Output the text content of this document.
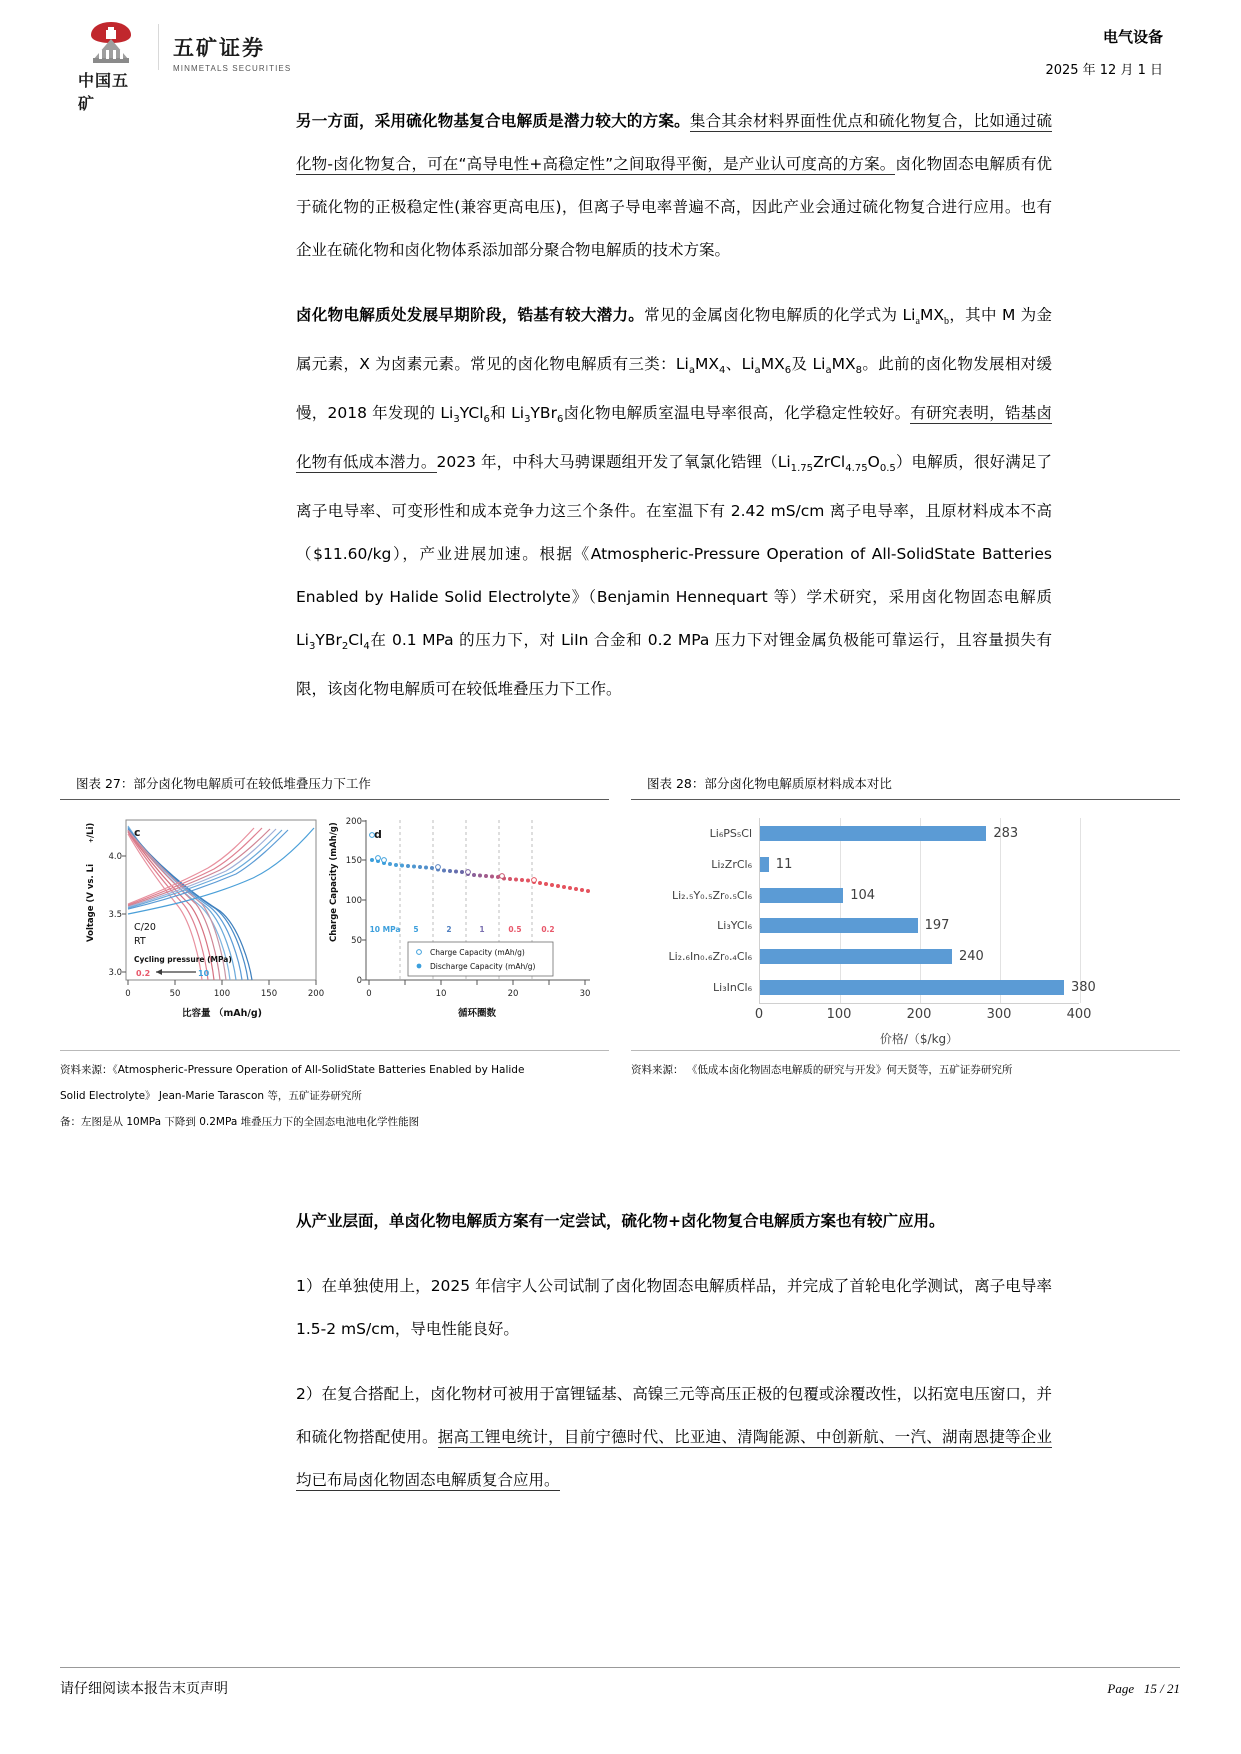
中国五矿
五矿证券
MINMETALS SECURITIES
电气设备
2025 年 12 月 1 日

另一方面，采用硫化物基复合电解质是潜力较大的方案。集合其余材料界面性优点和硫化物复合，比如通过硫化物-卤化物复合，可在“高导电性+高稳定性”之间取得平衡，是产业认可度高的方案。卤化物固态电解质有优于硫化物的正极稳定性(兼容更高电压)，但离子导电率普遍不高，因此产业会通过硫化物复合进行应用。也有企业在硫化物和卤化物体系添加部分聚合物电解质的技术方案。

卤化物电解质处发展早期阶段，锆基有较大潜力。常见的金属卤化物电解质的化学式为 $Li_aMX_b$，其中 M 为金属元素，X 为卤素元素。常见的卤化物电解质有三类：$Li_aMX_4$、$Li_aMX_6$及 $Li_aMX_8$。此前的卤化物发展相对缓慢，2018 年发现的 $Li_3YCl_6$和 $Li_3YBr_6$卤化物电解质室温电导率很高，化学稳定性较好。有研究表明，锆基卤化物有低成本潜力。2023 年，中科大马骋课题组开发了氧氯化锆锂$(Li_{1.75}ZrCl_{4.75}O_{0.5})$电解质，很好满足了离子电导率、可变形性和成本竞争力这三个条件。在室温下有 2.42 mS/cm 离子电导率，且原材料成本不高（$11.60/kg），产业进展加速。根据《Atmospheric-Pressure Operation of All-SolidState Batteries Enabled by Halide Solid Electrolyte》（Benjamin Hennequart 等）学术研究，采用卤化物固态电解质 $Li_3YBr_2Cl_4$在 0.1 MPa 的压力下，对 LiIn 合金和 0.2 MPa 压力下对锂金属负极能可靠运行，且容量损失有限，该卤化物电解质可在较低堆叠压力下工作。

图表 27：部分卤化物电解质可在较低堆叠压力下工作
c
4.0
3.5
3.0
Voltage (V vs. Li
+
/Li)
C/20
RT
Cycling pressure (MPa)
0.2	10
0	50	100	150	200
比容量 （mAh/g)
d
200
150
100
50
0
Charge Capacity (mAh/g)	10 MPa 5	2	1	0.5	0.2
Charge Capacity (mAh/g)
Discharge Capacity (mAh/g)
0	10	20	30
循环圈数
资料来源：《Atmospheric-Pressure Operation of All-SolidState Batteries Enabled by Halide
Solid Electrolyte》 Jean-Marie Tarascon 等，五矿证券研究所
备：左图是从 10MPa 下降到 0.2MPa 堆叠压力下的全固态电池电化学性能图
图表 28：部分卤化物电解质原材料成本对比
Li₆PS₅Cl	283
Li₂ZrCl₆	11
Li₂.₅Y₀.₅Zr₀.₅Cl₆	104
Li₃YCl₆	197
Li₂.₆In₀.₆Zr₀.₄Cl₆	240
Li₃InCl₆	380
0	100	200	300	400
价格/（$/kg）
资料来源： 《低成本卤化物固态电解质的研究与开发》何天贤等，五矿证券研究所

从产业层面，单卤化物电解质方案有一定尝试，硫化物+卤化物复合电解质方案也有较广应用。

1）在单独使用上，2025 年信宇人公司试制了卤化物固态电解质样品，并完成了首轮电化学测试，离子电导率 1.5-2 mS/cm，导电性能良好。

2）在复合搭配上，卤化物材可被用于富锂锰基、高镍三元等高压正极的包覆或涂覆改性，以拓宽电压窗口，并和硫化物搭配使用。据高工锂电统计，目前宁德时代、比亚迪、清陶能源、中创新航、一汽、湖南恩捷等企业均已布局卤化物固态电解质复合应用。

请仔细阅读本报告末页声明	Page 15 / 21
